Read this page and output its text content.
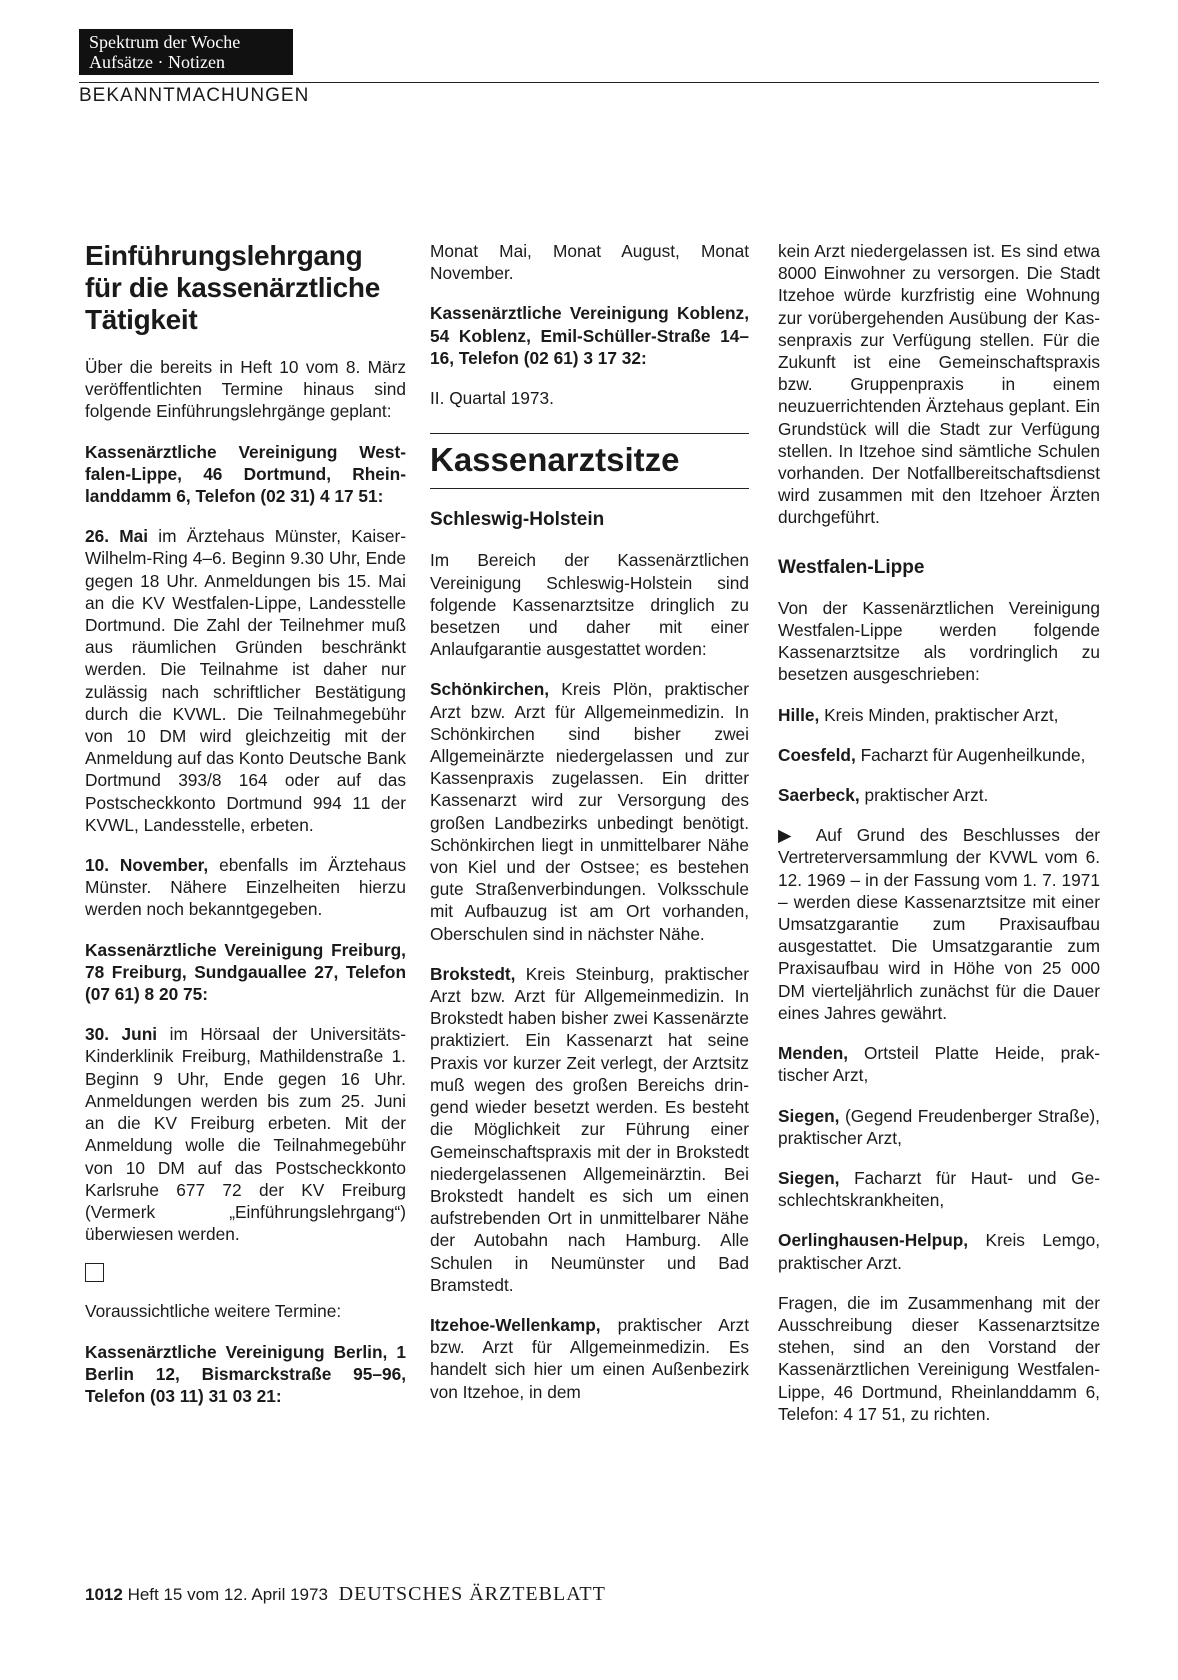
Spektrum der Woche
Aufsätze · Notizen
BEKANNTMACHUNGEN
Einführungslehrgang für die kassenärztliche Tätigkeit

Über die bereits in Heft 10 vom 8. März veröffentlichten Termine hinaus sind folgende Einführungslehrgänge geplant:

Kassenärztliche Vereinigung Westfalen-Lippe, 46 Dortmund, Rheinlanddamm 6, Telefon (02 31) 4 17 51:

26. Mai im Ärztehaus Münster, Kaiser-Wilhelm-Ring 4–6. Beginn 9.30 Uhr, Ende gegen 18 Uhr. Anmeldungen bis 15. Mai an die KV Westfalen-Lippe, Landesstelle Dortmund. Die Zahl der Teilnehmer muß aus räumlichen Gründen beschränkt werden. Die Teilnahme ist daher nur zulässig nach schriftlicher Bestätigung durch die KVWL. Die Teilnahmegebühr von 10 DM wird gleichzeitig mit der Anmeldung auf das Konto Deutsche Bank Dortmund 393/8 164 oder auf das Postscheckkonto Dortmund 994 11 der KVWL, Landesstelle, erbeten.

10. November, ebenfalls im Ärztehaus Münster. Nähere Einzelheiten hierzu werden noch bekanntgegeben.

Kassenärztliche Vereinigung Freiburg, 78 Freiburg, Sundgauallee 27, Telefon (07 61) 8 20 75:

30. Juni im Hörsaal der Universitäts-Kinderklinik Freiburg, Mathildenstraße 1. Beginn 9 Uhr, Ende gegen 16 Uhr. Anmeldungen werden bis zum 25. Juni an die KV Freiburg erbeten. Mit der Anmeldung wolle die Teilnahmegebühr von 10 DM auf das Postscheckkonto Karlsruhe 677 72 der KV Freiburg (Vermerk „Einführungslehrgang“) überwiesen werden.

Voraussichtliche weitere Termine:

Kassenärztliche Vereinigung Berlin, 1 Berlin 12, Bismarckstraße 95–96, Telefon (03 11) 31 03 21:

Monat Mai, Monat August, Monat November.

Kassenärztliche Vereinigung Koblenz, 54 Koblenz, Emil-Schüller-Straße 14–16, Telefon (02 61) 3 17 32:

II. Quartal 1973.

Kassenarztsitze
Schleswig-Holstein

Im Bereich der Kassenärztlichen Vereinigung Schleswig-Holstein sind folgende Kassenarztsitze dringlich zu besetzen und daher mit einer Anlaufgarantie ausgestattet worden:

Schönkirchen, Kreis Plön, praktischer Arzt bzw. Arzt für Allgemeinmedizin. In Schönkirchen sind bisher zwei Allgemeinärzte niedergelassen und zur Kassenpraxis zugelassen. Ein dritter Kassenarzt wird zur Versorgung des großen Landbezirks unbedingt benötigt. Schönkirchen liegt in unmittelbarer Nähe von Kiel und der Ostsee; es bestehen gute Straßenverbindungen. Volksschule mit Aufbauzug ist am Ort vorhanden, Oberschulen sind in nächster Nähe.

Brokstedt, Kreis Steinburg, praktischer Arzt bzw. Arzt für Allgemeinmedizin. In Brokstedt haben bisher zwei Kassenärzte praktiziert. Ein Kassenarzt hat seine Praxis vor kurzer Zeit verlegt, der Arztsitz muß wegen des großen Bereichs dringend wieder besetzt werden. Es besteht die Möglichkeit zur Führung einer Gemeinschaftspraxis mit der in Brokstedt niedergelassenen Allgemeinärztin. Bei Brokstedt handelt es sich um einen aufstrebenden Ort in unmittelbarer Nähe der Autobahn nach Hamburg. Alle Schulen in Neumünster und Bad Bramstedt.

Itzehoe-Wellenkamp, praktischer Arzt bzw. Arzt für Allgemeinmedizin. Es handelt sich hier um einen Außenbezirk von Itzehoe, in dem

kein Arzt niedergelassen ist. Es sind etwa 8000 Einwohner zu versorgen. Die Stadt Itzehoe würde kurzfristig eine Wohnung zur vorübergehenden Ausübung der Kassenpraxis zur Verfügung stellen. Für die Zukunft ist eine Gemeinschaftspraxis bzw. Gruppenpraxis in einem neuzuerrichtenden Ärztehaus geplant. Ein Grundstück will die Stadt zur Verfügung stellen. In Itzehoe sind sämtliche Schulen vorhanden. Der Notfallbereitschaftsdienst wird zusammen mit den Itzehoer Ärzten durchgeführt.

Westfalen-Lippe

Von der Kassenärztlichen Vereinigung Westfalen-Lippe werden folgende Kassenarztsitze als vordringlich zu besetzen ausgeschrieben:

Hille, Kreis Minden, praktischer Arzt,

Coesfeld, Facharzt für Augenheilkunde,

Saerbeck, praktischer Arzt.

▶ Auf Grund des Beschlusses der Vertreterversammlung der KVWL vom 6. 12. 1969 – in der Fassung vom 1. 7. 1971 – werden diese Kassenarztsitze mit einer Umsatzgarantie zum Praxisaufbau ausgestattet. Die Umsatzgarantie zum Praxisaufbau wird in Höhe von 25 000 DM vierteljährlich zunächst für die Dauer eines Jahres gewährt.

Menden, Ortsteil Platte Heide, praktischer Arzt,

Siegen, (Gegend Freudenberger Straße), praktischer Arzt,

Siegen, Facharzt für Haut- und Geschlechtskrankheiten,

Oerlinghausen-Helpup, Kreis Lemgo, praktischer Arzt.

Fragen, die im Zusammenhang mit der Ausschreibung dieser Kassenarztsitze stehen, sind an den Vorstand der Kassenärztlichen Vereinigung Westfalen-Lippe, 46 Dortmund, Rheinlanddamm 6, Telefon: 4 17 51, zu richten.

1012 Heft 15 vom 12. April 1973 DEUTSCHES ÄRZTEBLATT
